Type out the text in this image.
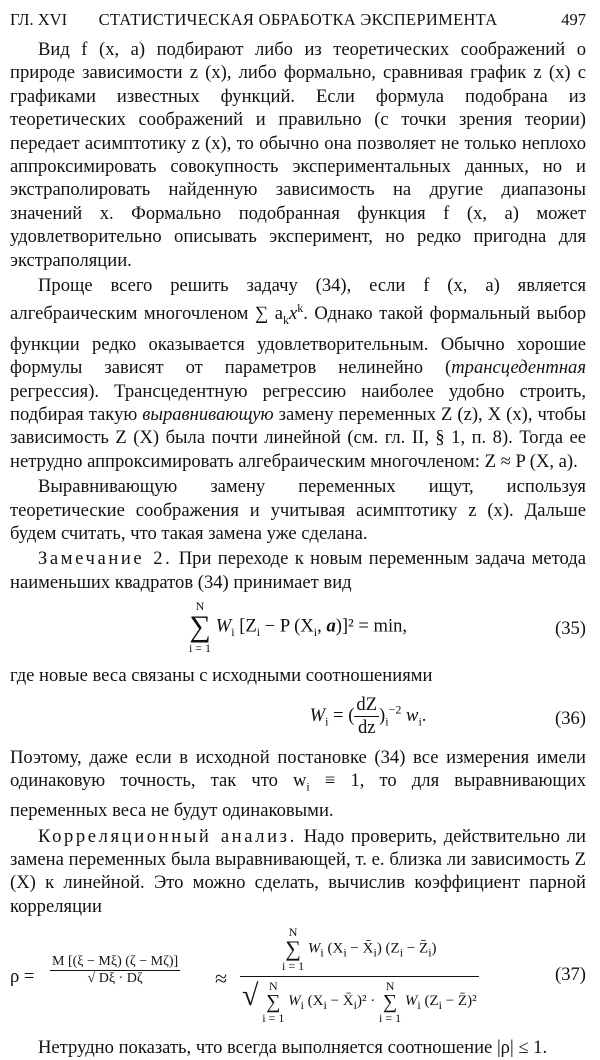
ГЛ. XVI	СТАТИСТИЧЕСКАЯ ОБРАБОТКА ЭКСПЕРИМЕНТА	497

Вид f (x, a) подбирают либо из теоретических соображений о природе зависимости z (x), либо формально, сравнивая график z (x) с графиками известных функций. Если формула подобрана из теоретических соображений и правильно (с точки зрения теории) передает асимптотику z (x), то обычно она позволяет не только неплохо аппроксимировать совокупность экспериментальных данных, но и экстраполировать найденную зависимость на другие диапазоны значений x. Формально подобранная функция f (x, a) может удовлетворительно описывать эксперимент, но редко пригодна для экстраполяции.

Проще всего решить задачу (34), если f (x, a) является алгебраическим многочленом ∑ $a_kx^k$. Однако такой формальный выбор функции редко оказывается удовлетворительным. Обычно хорошие формулы зависят от параметров нелинейно (трансцедентная регрессия). Трансцедентную регрессию наиболее удобно строить, подбирая такую выравнивающую замену переменных Z (z), X (x), чтобы зависимость Z (X) была почти линейной (см. гл. II, § 1, п. 8). Тогда ее нетрудно аппроксимировать алгебраическим многочленом: Z ≈ P (X, a).

Выравнивающую замену переменных ищут, используя теоретические соображения и учитывая асимптотику z (x). Дальше будем считать, что такая замена уже сделана.

Замечание 2. При переходе к новым переменным задача метода наименьших квадратов (34) принимает вид

N
∑
i = 1
$W_i$ [$Z_i - P$ ($X_i$, a)]² = min,	(35)

где новые веса связаны с исходными соотношениями

$W_i$ = ( $\frac{dZ}{dz} )_i^{-2}$ $w_i$.	(36)

Поэтому, даже если в исходной постановке (34) все измерения имели одинаковую точность, так что $w_i \equiv 1$, то для выравнивающих переменных веса не будут одинаковыми.

Корреляционный анализ. Надо проверить, действительно ли замена переменных была выравнивающей, т. е. близка ли зависимость Z (X) к линейной. Это можно сделать, вычислив коэффициент парной корреляции

$\rho = \frac{M [(\xi - M\xi) (\zeta - M\zeta)]}{√ D\xi \cdot D\zeta}$ ≈
N
∑
i = 1
$W_i$ ($X_i$ − $X̄_i$) ($Z_i$ − $Z̄_i$)
√ N
∑
i = 1
$W_i$ ($X_i$ − $X̄_i)^2$ ·
N
∑
i = 1
$W_i$ ($Z_i$ − Z̄)²
(37)

Нетрудно показать, что всегда выполняется соотношение |ρ| ≤ 1.
